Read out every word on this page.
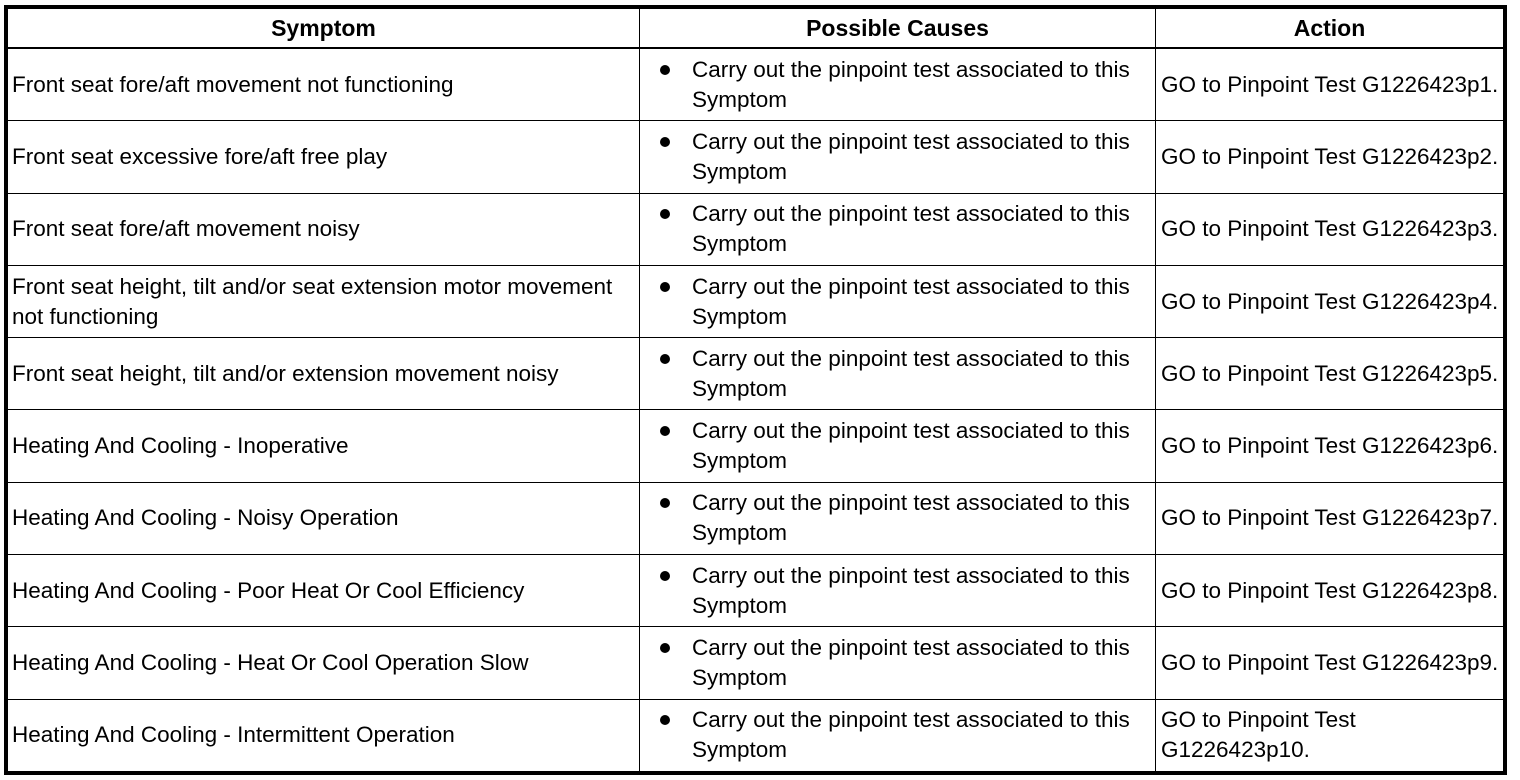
Symptom	Possible Causes	Action
Front seat fore/aft movement not functioning	Carry out the pinpoint test associated to this Symptom	GO to Pinpoint Test G1226423p1.
Front seat excessive fore/aft free play	Carry out the pinpoint test associated to this Symptom	GO to Pinpoint Test G1226423p2.
Front seat fore/aft movement noisy	Carry out the pinpoint test associated to this Symptom	GO to Pinpoint Test G1226423p3.
Front seat height, tilt and/or seat extension motor movement not functioning	Carry out the pinpoint test associated to this Symptom	GO to Pinpoint Test G1226423p4.
Front seat height, tilt and/or extension movement noisy	Carry out the pinpoint test associated to this Symptom	GO to Pinpoint Test G1226423p5.
Heating And Cooling - Inoperative	Carry out the pinpoint test associated to this Symptom	GO to Pinpoint Test G1226423p6.
Heating And Cooling - Noisy Operation	Carry out the pinpoint test associated to this Symptom	GO to Pinpoint Test G1226423p7.
Heating And Cooling - Poor Heat Or Cool Efficiency	Carry out the pinpoint test associated to this Symptom	GO to Pinpoint Test G1226423p8.
Heating And Cooling - Heat Or Cool Operation Slow	Carry out the pinpoint test associated to this Symptom	GO to Pinpoint Test G1226423p9.
Heating And Cooling - Intermittent Operation	Carry out the pinpoint test associated to this Symptom	GO to Pinpoint Test G1226423p10.
